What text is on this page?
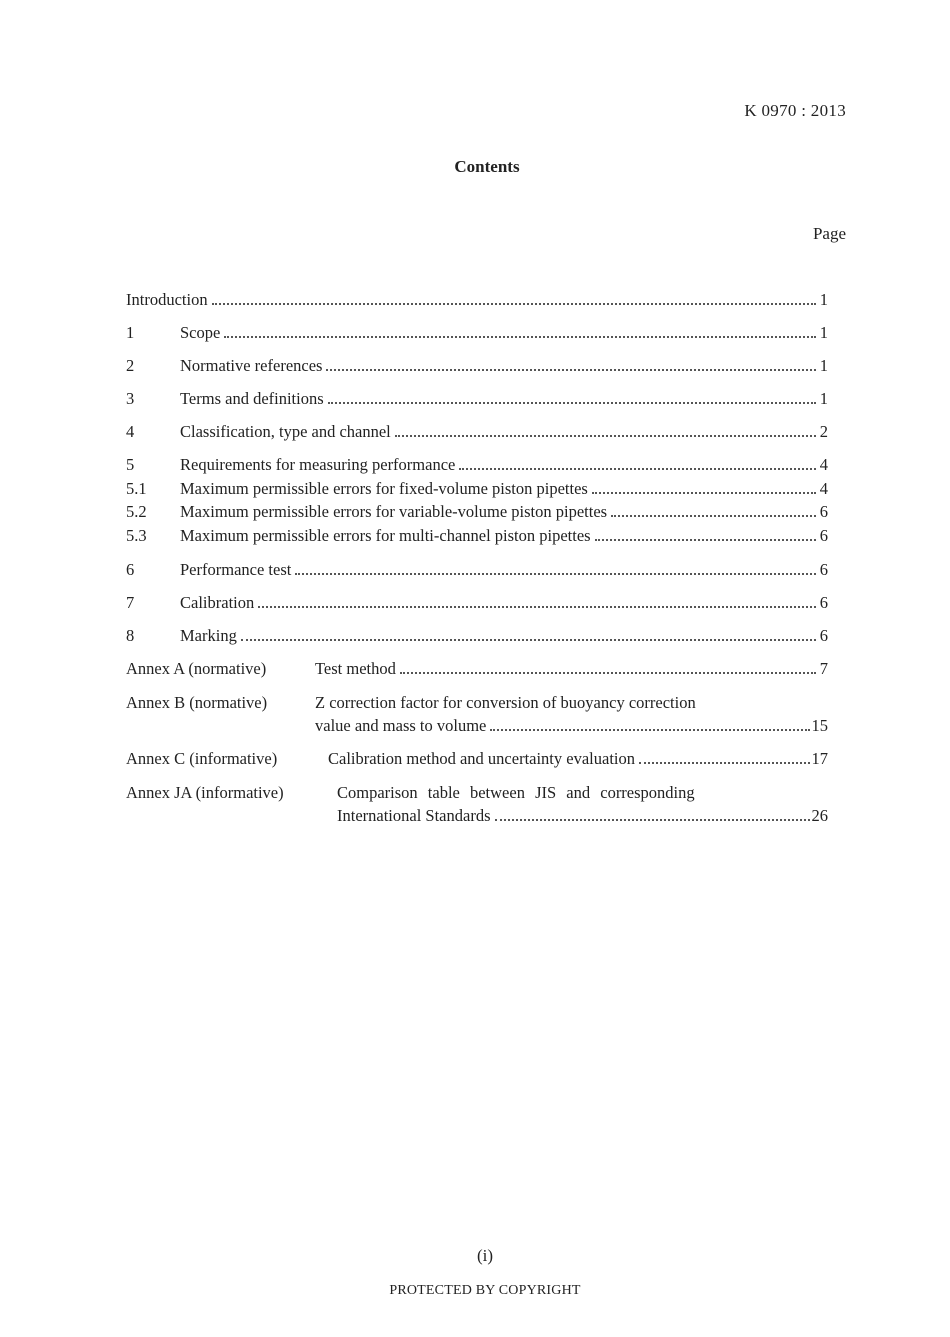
K 0970 : 2013
Contents
Page
Introduction	1
1	Scope	1
2	Normative references	1
3	Terms and definitions	1
4	Classification, type and channel	2
5	Requirements for measuring performance	4
5.1	Maximum permissible errors for fixed-volume piston pipettes	4
5.2	Maximum permissible errors for variable-volume piston pipettes	6
5.3	Maximum permissible errors for multi-channel piston pipettes	6
6	Performance test	6
7	Calibration	6
8	Marking	6
Annex A (normative)	Test method	7
Annex B (normative)	Z correction factor for conversion of buoyancy correction
value and mass to volume	15
Annex C (informative)	Calibration method and uncertainty evaluation	17
Annex JA (informative)	Comparison table between JIS and corresponding
International Standards	26
(i)
PROTECTED BY COPYRIGHT
